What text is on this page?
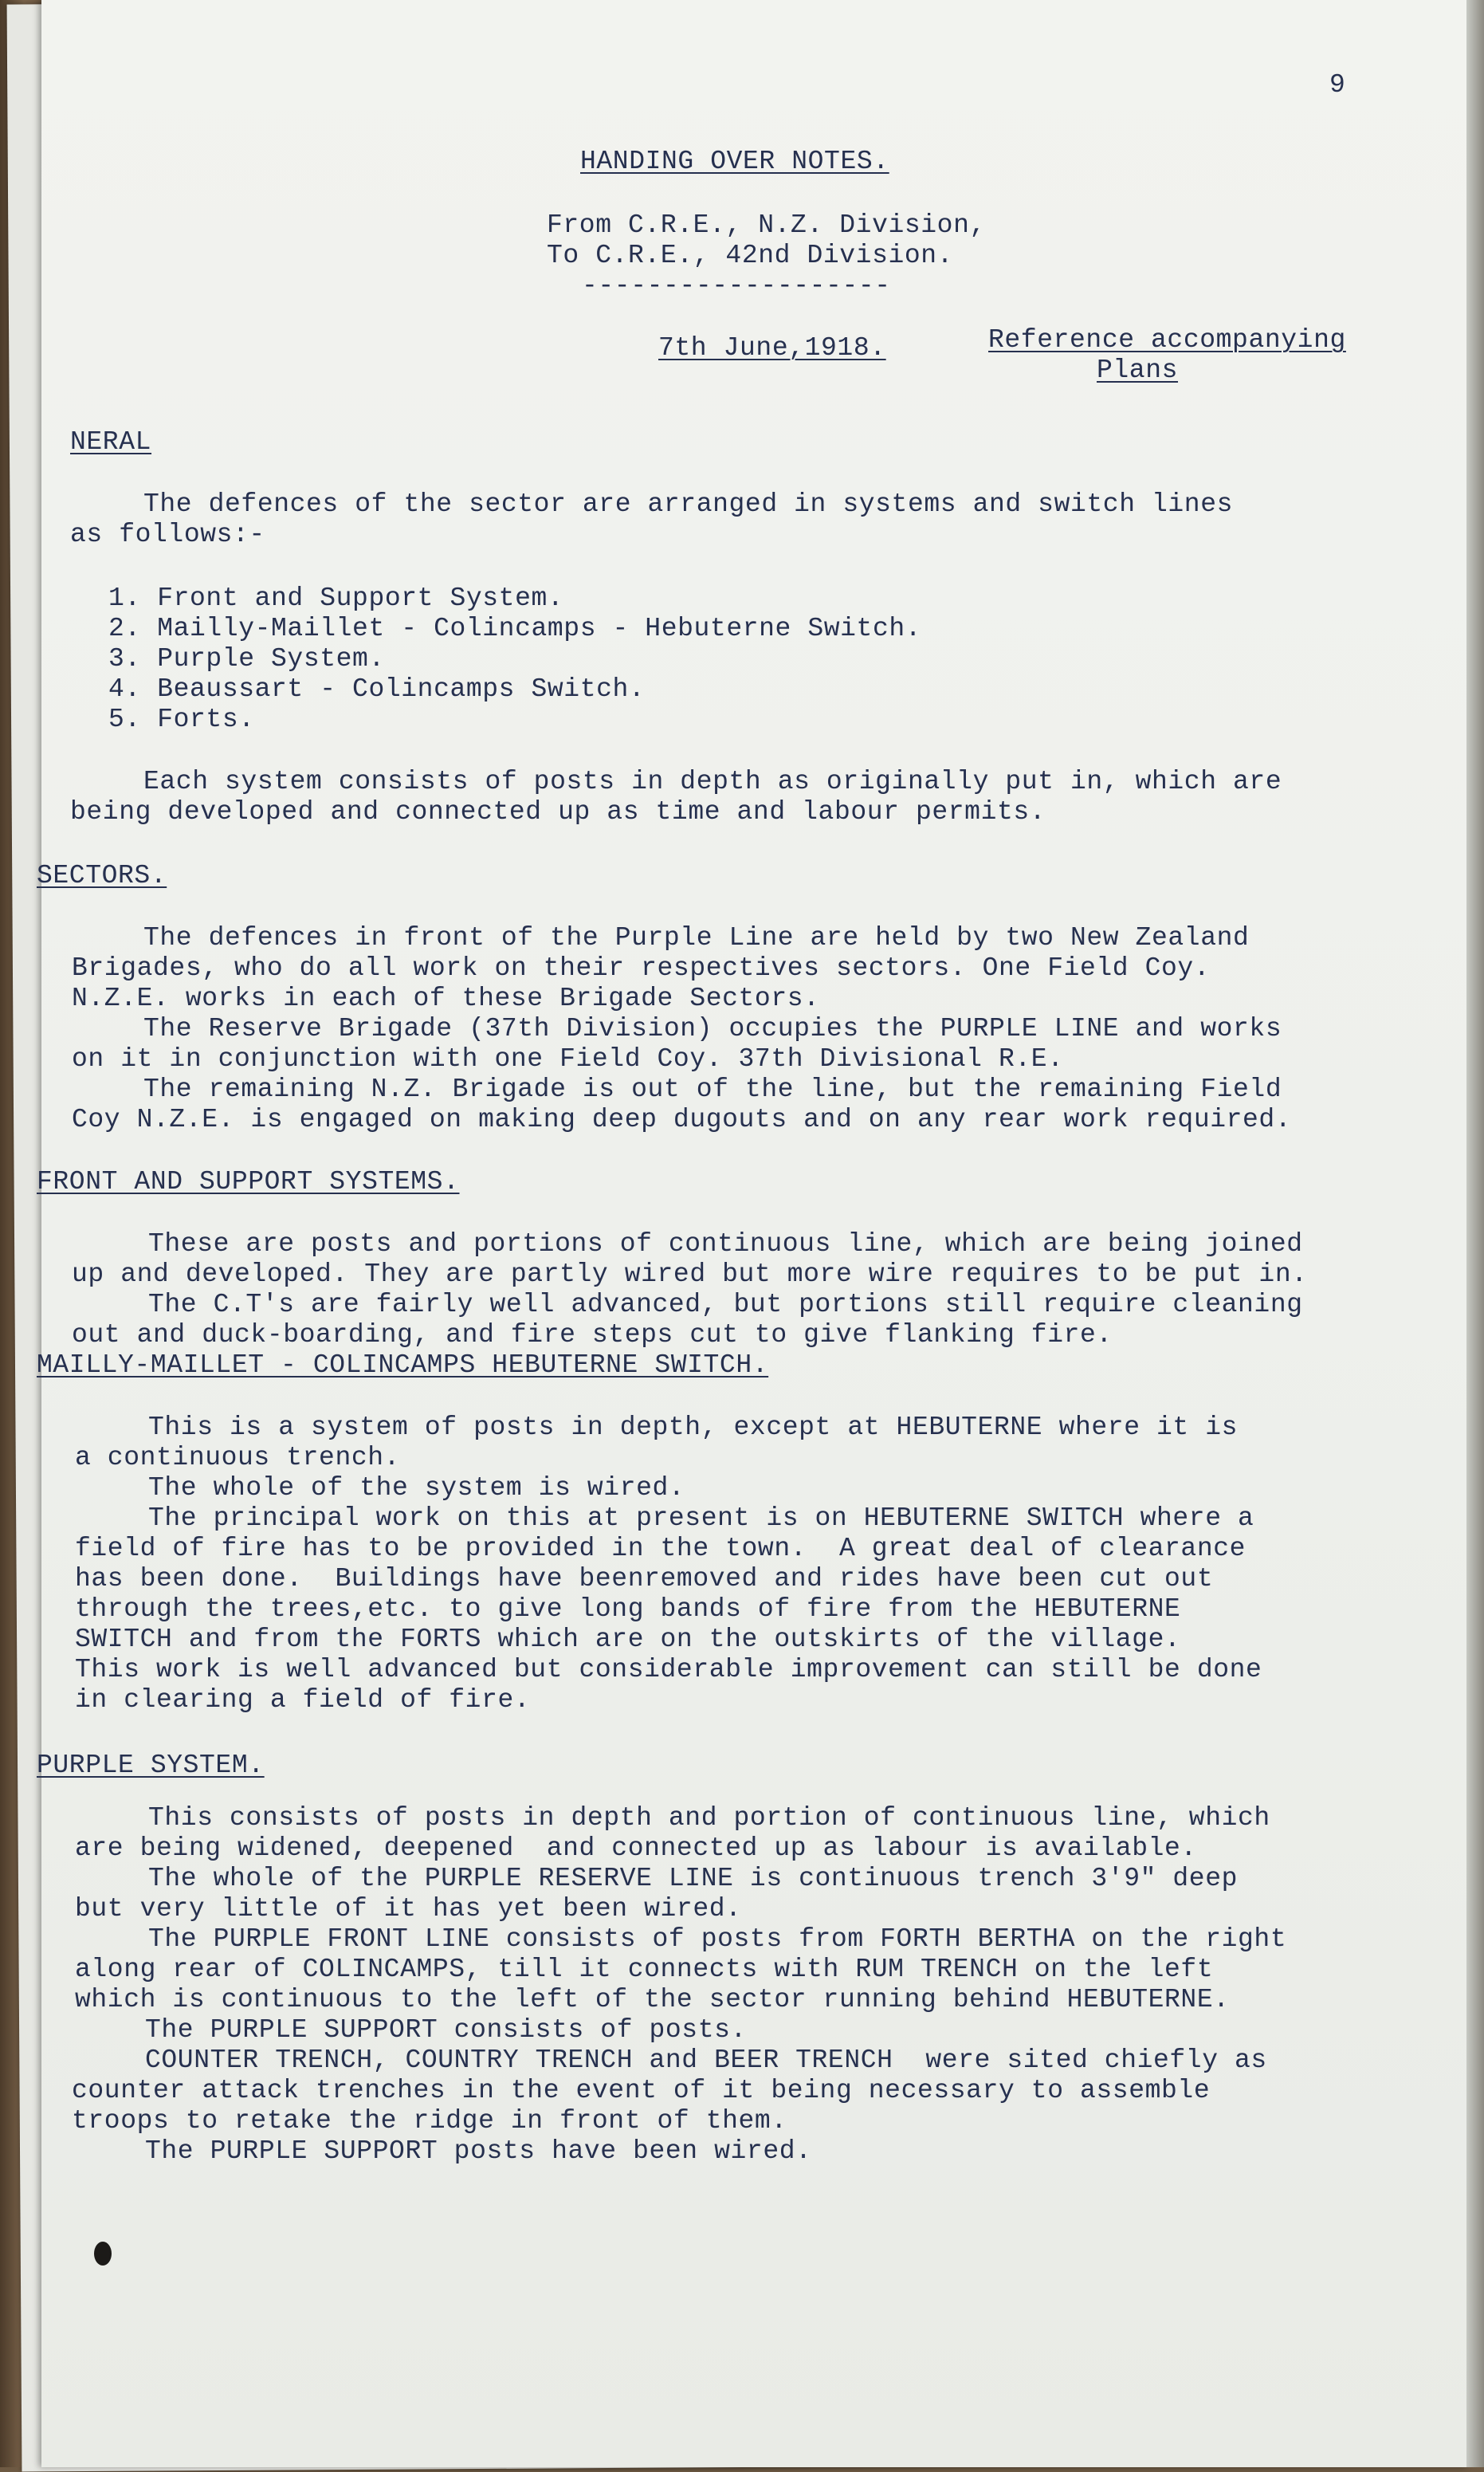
9

HANDING OVER NOTES.

From C.R.E., N.Z. Division,

To C.R.E., 42nd Division.

-------------------

7th June,1918.	Reference accompanying

Plans

NERAL

The defences of the sector are arranged in systems and switch lines

as follows:-

1. Front and Support System.

2. Mailly-Maillet - Colincamps - Hebuterne Switch.

3. Purple System.

4. Beaussart - Colincamps Switch.

5. Forts.

Each system consists of posts in depth as originally put in, which are

being developed and connected up as time and labour permits.

SECTORS.

The defences in front of the Purple Line are held by two New Zealand

Brigades, who do all work on their respectives sectors. One Field Coy.

N.Z.E. works in each of these Brigade Sectors.

The Reserve Brigade (37th Division) occupies the PURPLE LINE and works

on it in conjunction with one Field Coy. 37th Divisional R.E.

The remaining N.Z. Brigade is out of the line, but the remaining Field

Coy N.Z.E. is engaged on making deep dugouts and on any rear work required.

FRONT AND SUPPORT SYSTEMS.

These are posts and portions of continuous line, which are being joined

up and developed. They are partly wired but more wire requires to be put in.

The C.T's are fairly well advanced, but portions still require cleaning

out and duck-boarding, and fire steps cut to give flanking fire.

MAILLY-MAILLET - COLINCAMPS HEBUTERNE SWITCH.

This is a system of posts in depth, except at HEBUTERNE where it is

a continuous trench.

The whole of the system is wired.

The principal work on this at present is on HEBUTERNE SWITCH where a

field of fire has to be provided in the town.  A great deal of clearance

has been done.  Buildings have beenremoved and rides have been cut out

through the trees,etc. to give long bands of fire from the HEBUTERNE

SWITCH and from the FORTS which are on the outskirts of the village.

This work is well advanced but considerable improvement can still be done

in clearing a field of fire.

PURPLE SYSTEM.

This consists of posts in depth and portion of continuous line, which

are being widened, deepened  and connected up as labour is available.

The whole of the PURPLE RESERVE LINE is continuous trench 3'9" deep

but very little of it has yet been wired.

The PURPLE FRONT LINE consists of posts from FORTH BERTHA on the right

along rear of COLINCAMPS, till it connects with RUM TRENCH on the left

which is continuous to the left of the sector running behind HEBUTERNE.

The PURPLE SUPPORT consists of posts.

COUNTER TRENCH, COUNTRY TRENCH and BEER TRENCH  were sited chiefly as

counter attack trenches in the event of it being necessary to assemble

troops to retake the ridge in front of them.

The PURPLE SUPPORT posts have been wired.
